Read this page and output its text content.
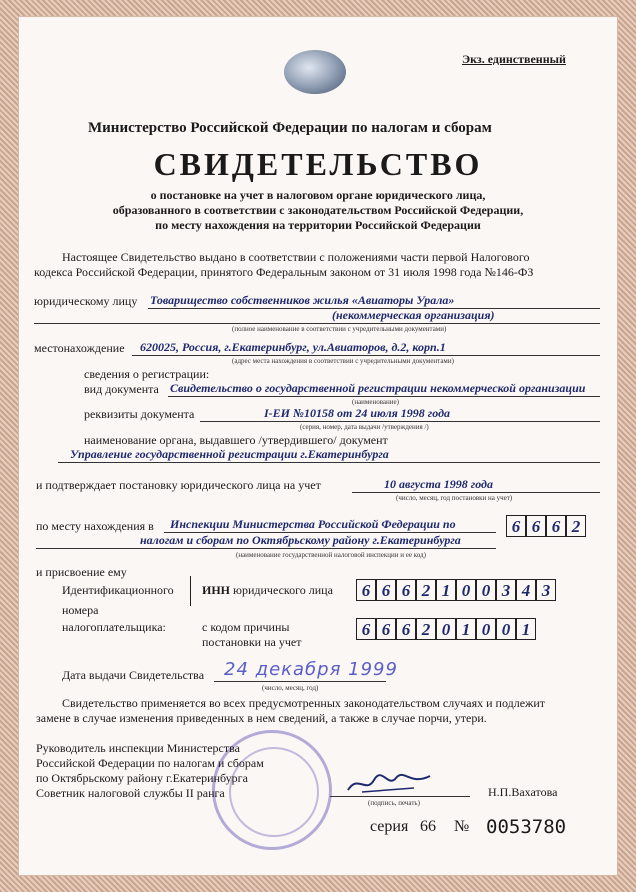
Экз. единственный
Министерство Российской Федерации по налогам и сборам
СВИДЕТЕЛЬСТВО
о постановке на учет в налоговом органе юридического лица,
образованного в соответствии с законодательством Российской Федерации,
по месту нахождения на территории Российской Федерации
Настоящее Свидетельство выдано в соответствии с положениями части первой Налогового
кодекса Российской Федерации, принятого Федеральным законом от 31 июля 1998 года №146-ФЗ
юридическому лицу Товарищество собственников жилья «Авиаторы Урала»
(некоммерческая организация)
(полное наименование в соответствии с учредительными документами)
местонахождение 620025, Россия, г.Екатеринбург, ул.Авиаторов, д.2, корп.1
(адрес места нахождения в соответствии с учредительными документами)
сведения о регистрации:
вид документа Свидетельство о государственной регистрации некоммерческой организации
(наименование)
реквизиты документа	I-ЕИ №10158 от 24 июля 1998 года
(серия, номер, дата выдачи /утверждения /)
наименование органа, выдавшего /утвердившего/ документ
Управление государственной регистрации г.Екатеринбурга
и подтверждает постановку юридического лица на учет	10 августа 1998 года
(число, месяц, год постановки на учет)
по месту нахождения в Инспекции Министерства Российской Федерации по
налогам и сборам по Октябрьскому району г.Екатеринбурга
(наименование государственной налоговой инспекции и ее код)
6 6 6 2
и присвоение ему
Идентификационного
номера
налогоплательщика:
ИНН юридического лица	6 6 6 2 1 0 0 3 4 3
с кодом причины
постановки на учет
6 6 6 2 0 1 0 0 1
Дата выдачи Свидетельства 24 декабря 1999
(число, месяц, год)
Свидетельство применяется во всех предусмотренных законодательством случаях и подлежит
замене в случае изменения приведенных в нем сведений, а также в случае порчи, утери.
Руководитель инспекции Министерства
Российской Федерации по налогам и сборам
по Октябрьскому району г.Екатеринбурга
Советник налоговой службы II ранга
(подпись, печать)
Н.П.Вахатова
серия 66 № 0053780
